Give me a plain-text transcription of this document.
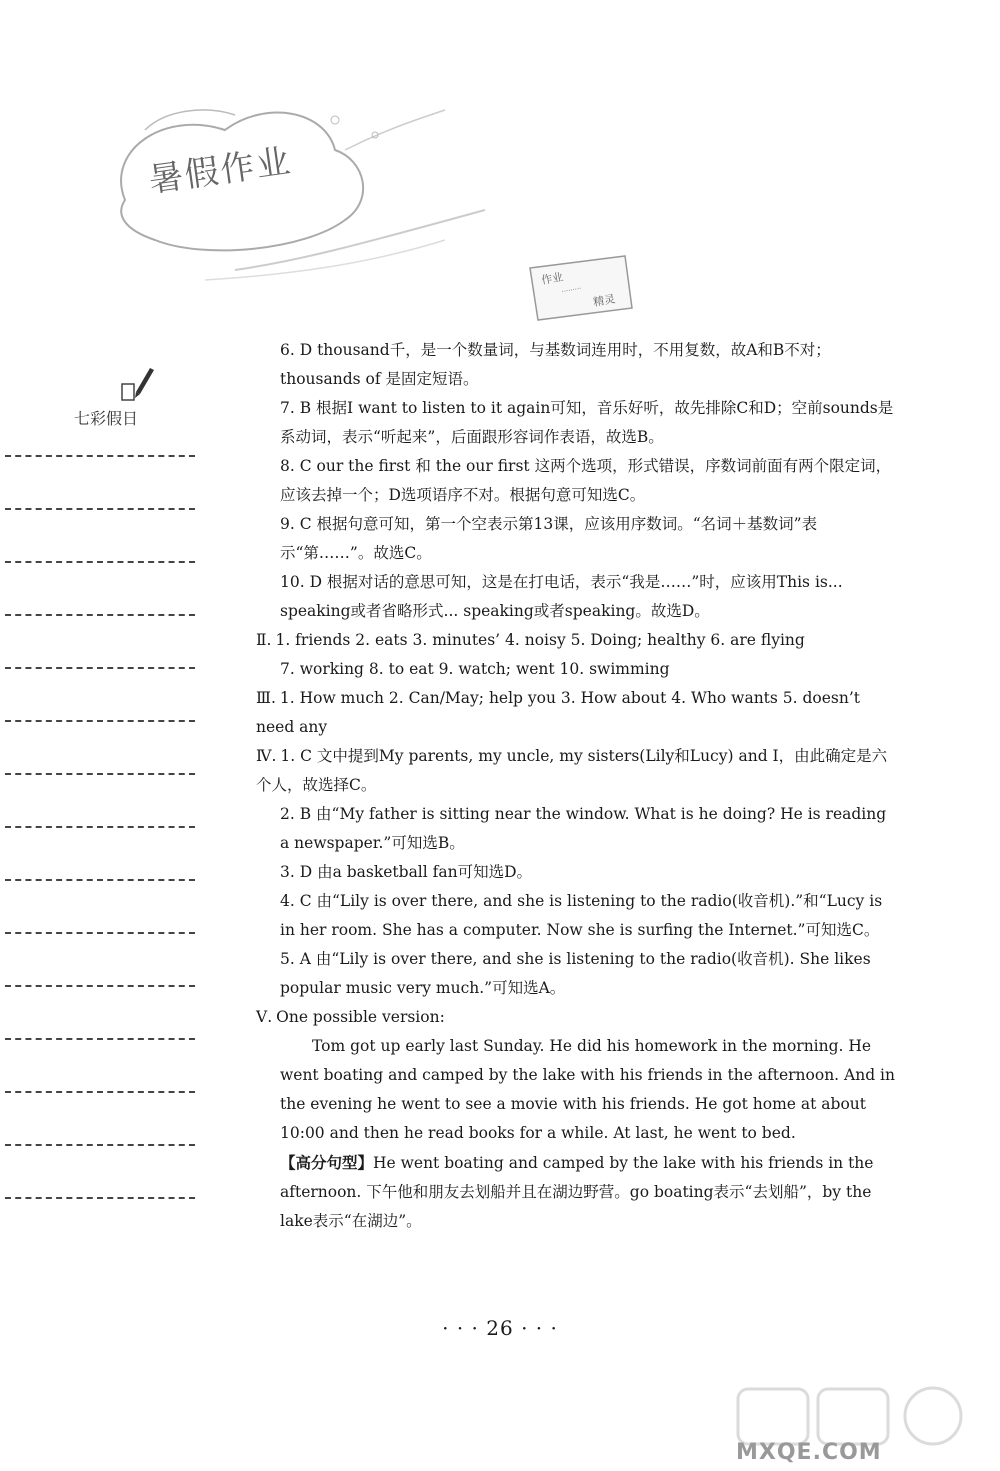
暑假作业
作业
·········
精灵
七彩假日

6. D thousand千，是一个数量词，与基数词连用时，不用复数，故A和B不对；thousands of 是固定短语。

7. B 根据I want to listen to it again可知，音乐好听，故先排除C和D；空前sounds是系动词，表示“听起来”，后面跟形容词作表语，故选B。

8. C our the first 和 the our first 这两个选项，形式错误，序数词前面有两个限定词，应该去掉一个；D选项语序不对。根据句意可知选C。

9. C 根据句意可知，第一个空表示第13课，应该用序数词。“名词＋基数词”表示“第……”。故选C。

10. D 根据对话的意思可知，这是在打电话，表示“我是……”时，应该用This is... speaking或者省略形式... speaking或者speaking。故选D。

Ⅱ. 1. friends 2. eats 3. minutes’ 4. noisy 5. Doing; healthy 6. are flying

7. working 8. to eat 9. watch; went 10. swimming

Ⅲ. 1. How much 2. Can/May; help you 3. How about 4. Who wants 5. doesn’t need any

Ⅳ. 1. C 文中提到My parents, my uncle, my sisters(Lily和Lucy) and I，由此确定是六个人，故选择C。

2. B 由“My father is sitting near the window. What is he doing? He is reading a newspaper.”可知选B。

3. D 由a basketball fan可知选D。

4. C 由“Lily is over there, and she is listening to the radio(收音机).”和“Lucy is in her room. She has a computer. Now she is surfing the Internet.”可知选C。

5. A 由“Lily is over there, and she is listening to the radio(收音机). She likes popular music very much.”可知选A。

Ⅴ. One possible version:

Tom got up early last Sunday. He did his homework in the morning. He went boating and camped by the lake with his friends in the afternoon. And in the evening he went to see a movie with his friends. He got home at about 10:00 and then he read books for a while. At last, he went to bed.

【高分句型】He went boating and camped by the lake with his friends in the afternoon. 下午他和朋友去划船并且在湖边野营。go boating表示“去划船”，by the lake表示“在湖边”。

· · · 26 · · ·
MXQE.COM
